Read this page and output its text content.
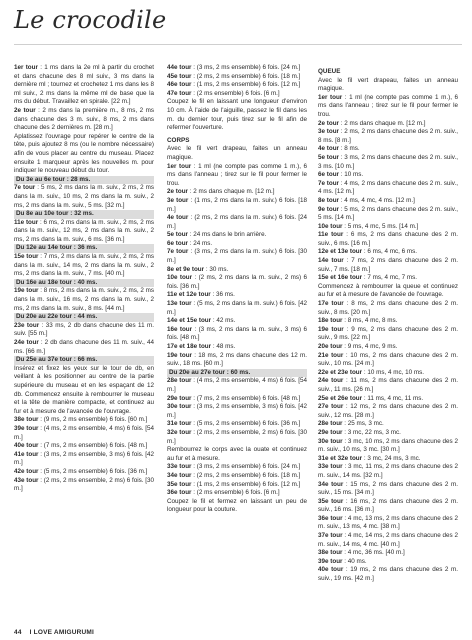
Le crocodile

1er tour : 1 ms dans la 2e ml à partir du crochet et dans chacune des 8 ml suiv., 3 ms dans la dernière ml ; tournez et crochetez 1 ms dans les 8 ml suiv., 2 ms dans la même ml de base que la ms du début. Travaillez en spirale. [22 m.]

2e tour : 2 ms dans la première m., 8 ms, 2 ms dans chacune des 3 m. suiv., 8 ms, 2 ms dans chacune des 2 dernières m. [28 m.]

Aplatissez l'ouvrage pour repérer le centre de la tête, puis ajoutez 8 ms (ou le nombre nécessaire) afin de vous placer au centre du museau. Placez ensuite 1 marqueur après les nouvelles m. pour indiquer le nouveau début du tour.

Du 3e au 6e tour : 28 ms.

7e tour : 5 ms, 2 ms dans la m. suiv., 2 ms, 2 ms dans la m. suiv., 10 ms, 2 ms dans la m. suiv., 2 ms, 2 ms dans la m. suiv., 5 ms. [32 m.]

Du 8e au 10e tour : 32 ms.

11e tour : 6 ms, 2 ms dans la m. suiv., 2 ms, 2 ms dans la m. suiv., 12 ms, 2 ms dans la m. suiv., 2 ms, 2 ms dans la m. suiv., 6 ms. [36 m.]

Du 12e au 14e tour : 36 ms.

15e tour : 7 ms, 2 ms dans la m. suiv., 2 ms, 2 ms dans la m. suiv., 14 ms, 2 ms dans la m. suiv., 2 ms, 2 ms dans la m. suiv., 7 ms. [40 m.]

Du 16e au 18e tour : 40 ms.

19e tour : 8 ms, 2 ms dans la m. suiv., 2 ms, 2 ms dans la m. suiv., 16 ms, 2 ms dans la m. suiv., 2 ms, 2 ms dans la m. suiv., 8 ms. [44 m.]

Du 20e au 22e tour : 44 ms.

23e tour : 33 ms, 2 db dans chacune des 11 m. suiv. [55 m.]

24e tour : 2 db dans chacune des 11 m. suiv., 44 ms. [66 m.]

Du 25e au 37e tour : 66 ms.

Insérez et fixez les yeux sur le tour de db, en veillant à les positionner au centre de la partie supérieure du museau et en les espaçant de 12 db. Commencez ensuite à rembourrer le museau et la tête de manière compacte, et continuez au fur et à mesure de l'avancée de l'ouvrage.

38e tour : (9 ms, 2 ms ensemble) 6 fois. [60 m.]

39e tour : (4 ms, 2 ms ensemble, 4 ms) 6 fois. [54 m.]

40e tour : (7 ms, 2 ms ensemble) 6 fois. [48 m.]

41e tour : (3 ms, 2 ms ensemble, 3 ms) 6 fois. [42 m.]

42e tour : (5 ms, 2 ms ensemble) 6 fois. [36 m.]

43e tour : (2 ms, 2 ms ensemble, 2 ms) 6 fois. [30 m.]

44e tour : (3 ms, 2 ms ensemble) 6 fois. [24 m.]

45e tour : (2 ms, 2 ms ensemble) 6 fois. [18 m.]

46e tour : (1 ms, 2 ms ensemble) 6 fois. [12 m.]

47e tour : (2 ms ensemble) 6 fois. [6 m.]

Coupez le fil en laissant une longueur d'environ 10 cm. À l'aide de l'aiguille, passez le fil dans les m. du dernier tour, puis tirez sur le fil afin de refermer l'ouverture.

CORPS

Avec le fil vert drapeau, faites un anneau magique.

1er tour : 1 ml (ne compte pas comme 1 m.), 6 ms dans l'anneau ; tirez sur le fil pour fermer le trou.

2e tour : 2 ms dans chaque m. [12 m.]

3e tour : (1 ms, 2 ms dans la m. suiv.) 6 fois. [18 m.]

4e tour : (2 ms, 2 ms dans la m. suiv.) 6 fois. [24 m.]

5e tour : 24 ms dans le brin arrière.

6e tour : 24 ms.

7e tour : (3 ms, 2 ms dans la m. suiv.) 6 fois. [30 m.]

8e et 9e tour : 30 ms.

10e tour : (2 ms, 2 ms dans la m. suiv., 2 ms) 6 fois. [36 m.]

11e et 12e tour : 36 ms.

13e tour : (5 ms, 2 ms dans la m. suiv.) 6 fois. [42 m.]

14e et 15e tour : 42 ms.

16e tour : (3 ms, 2 ms dans la m. suiv., 3 ms) 6 fois. [48 m.]

17e et 18e tour : 48 ms.

19e tour : 18 ms, 2 ms dans chacune des 12 m. suiv., 18 ms. [60 m.]

Du 20e au 27e tour : 60 ms.

28e tour : (4 ms, 2 ms ensemble, 4 ms) 6 fois. [54 m.]

29e tour : (7 ms, 2 ms ensemble) 6 fois. [48 m.]

30e tour : (3 ms, 2 ms ensemble, 3 ms) 6 fois. [42 m.]

31e tour : (5 ms, 2 ms ensemble) 6 fois. [36 m.]

32e tour : (2 ms, 2 ms ensemble, 2 ms) 6 fois. [30 m.]

Rembourrez le corps avec la ouate et continuez au fur et à mesure.

33e tour : (3 ms, 2 ms ensemble) 6 fois. [24 m.]

34e tour : (2 ms, 2 ms ensemble) 6 fois. [18 m.]

35e tour : (1 ms, 2 ms ensemble) 6 fois. [12 m.]

36e tour : (2 ms ensemble) 6 fois. [6 m.]

Coupez le fil et fermez en laissant un peu de longueur pour la couture.

QUEUE

Avec le fil vert drapeau, faites un anneau magique.

1er tour : 1 ml (ne compte pas comme 1 m.), 6 ms dans l'anneau ; tirez sur le fil pour fermer le trou.

2e tour : 2 ms dans chaque m. [12 m.]

3e tour : 2 ms, 2 ms dans chacune des 2 m. suiv., 8 ms. [8 m.]

4e tour : 8 ms.

5e tour : 3 ms, 2 ms dans chacune des 2 m. suiv., 3 ms. [10 m.]

6e tour : 10 ms.

7e tour : 4 ms, 2 ms dans chacune des 2 m. suiv., 4 ms. [12 m.]

8e tour : 4 ms, 4 mc, 4 ms. [12 m.]

9e tour : 5 ms, 2 ms dans chacune des 2 m. suiv., 5 ms. [14 m.]

10e tour : 5 ms, 4 mc, 5 ms. [14 m.]

11e tour : 6 ms, 2 ms dans chacune des 2 m. suiv., 6 ms. [16 m.]

12e et 13e tour : 6 ms, 4 mc, 6 ms.

14e tour : 7 ms, 2 ms dans chacune des 2 m. suiv., 7 ms. [18 m.]

15e et 16e tour : 7 ms, 4 mc, 7 ms.

Commencez à rembourrer la queue et continuez au fur et à mesure de l'avancée de l'ouvrage.

17e tour : 8 ms, 2 ms dans chacune des 2 m. suiv., 8 ms. [20 m.]

18e tour : 8 ms, 4 mc, 8 ms.

19e tour : 9 ms, 2 ms dans chacune des 2 m. suiv., 9 ms. [22 m.]

20e tour : 9 ms, 4 mc, 9 ms.

21e tour : 10 ms, 2 ms dans chacune des 2 m. suiv., 10 ms. [24 m.]

22e et 23e tour : 10 ms, 4 mc, 10 ms.

24e tour : 11 ms, 2 ms dans chacune des 2 m. suiv., 11 ms. [26 m.]

25e et 26e tour : 11 ms, 4 mc, 11 ms.

27e tour : 12 ms, 2 ms dans chacune des 2 m. suiv., 12 ms. [28 m.]

28e tour : 25 ms, 3 mc.

29e tour : 3 mc, 22 ms, 3 mc.

30e tour : 3 mc, 10 ms, 2 ms dans chacune des 2 m. suiv., 10 ms, 3 mc. [30 m.]

31e et 32e tour : 3 mc, 24 ms, 3 mc.

33e tour : 3 mc, 11 ms, 2 ms dans chacune des 2 m. suiv., 14 ms. [32 m.]

34e tour : 15 ms, 2 ms dans chacune des 2 m. suiv., 15 ms. [34 m.]

35e tour : 16 ms, 2 ms dans chacune des 2 m. suiv., 16 ms. [36 m.]

36e tour : 4 mc, 13 ms, 2 ms dans chacune des 2 m. suiv., 13 ms, 4 mc. [38 m.]

37e tour : 4 mc, 14 ms, 2 ms dans chacune des 2 m. suiv., 14 ms, 4 mc. [40 m.]

38e tour : 4 mc, 36 ms. [40 m.]

39e tour : 40 ms.

40e tour : 19 ms, 2 ms dans chacune des 2 m. suiv., 19 ms. [42 m.]

44 I LOVE AMIGURUMI
